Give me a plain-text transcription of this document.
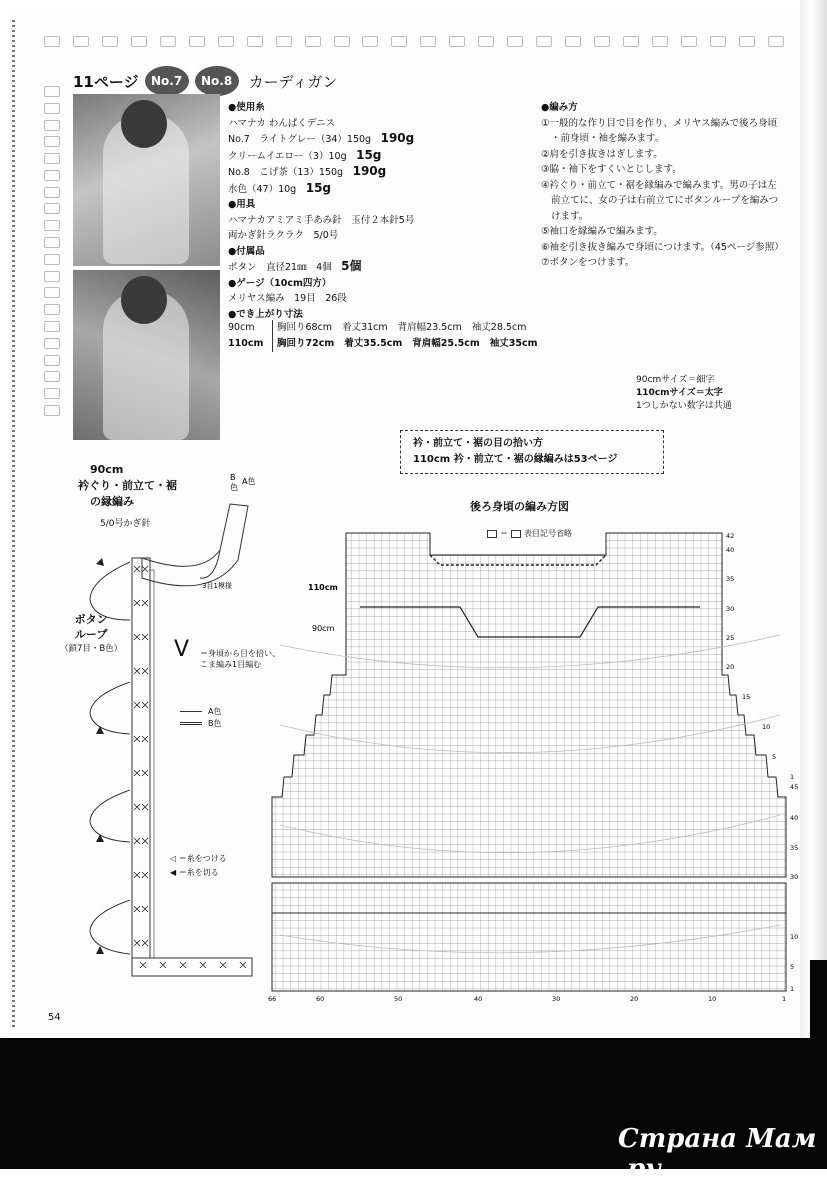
11ページ	No.7	No.8	カーディガン
●使用糸
ハマナカ わんぱくデニス
No.7　ライトグレー（34）150g　 190g
クリームイエロー（3）10g　 15g
No.8　こげ茶（13）150g　 190g
水色（47）10g　 15g
●用具
ハマナカアミアミ手あみ針　玉付２本針5号
両かぎ針ラクラク　5/0号
●付属品
ボタン　直径21㎜　4個　 5個
●ゲージ（10cm四方）
メリヤス編み　19目　26段
●でき上がり寸法
90cm	胸回り68cm 着丈31cm 背肩幅23.5cm 袖丈28.5cm
110cm	胸回り72cm 着丈35.5cm 背肩幅25.5cm 袖丈35cm
●編み方
①一般的な作り目で目を作り、メリヤス編みで後ろ身頃
・前身頃・袖を編みます。
②肩を引き抜きはぎします。
③脇・袖下をすくいとじします。
④衿ぐり・前立て・裾を縁編みで編みます。男の子は左
前立てに、女の子は右前立てにボタンループを編みつ
けます。
⑤袖口を縁編みで編みます。
⑥袖を引き抜き編みで身頃につけます。（45ページ参照）
⑦ボタンをつけます。
90cmサイズ＝細字
110cmサイズ＝太字
1つしかない数字は共通
衿・前立て・裾の目の拾い方
110cm 衿・前立て・裾の縁編みは53ページ
後ろ身頃の編み方図
＝ 表目記号省略
110cm
90cm
42
40
35
30
25
20
15
10
5
1
45
40
35
30
10
5
1
66	60	50	40	30	20	10	1
90cm
衿ぐり・前立て・裾
の縁編み
5/0号かぎ針
B
色
A色
3目1模様
ボタン
ループ
（鎖7目・B色） V ＝身頃から目を拾い、
こま編み1目編む
A色
B色
◁ ＝糸をつける
◀ ＝糸を切る
54
Страна Мам .ру
